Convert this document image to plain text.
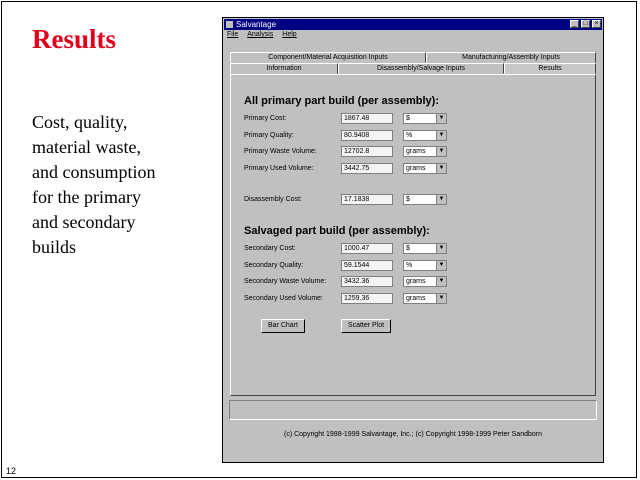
Results

Cost, quality,
material waste,
and consumption
for the primary
and secondary
builds

12
Salvantage	_ □ ×
File Analysis Help
Component/Material Acquisition Inputs	Manufacturing/Assembly Inputs
Information	Disassembly/Salvage Inputs	Results
All primary part build (per assembly):
Primary Cost:	1867.48	$	▼
Primary Quality:	80.9408	%	▼
Primary Waste Volume:	12702.8	grams	▼
Primary Used Volume:	3442.75	grams	▼
Disassembly Cost:	17.1838	$	▼
Salvaged part build (per assembly):
Secondary Cost:	1000.47	$	▼
Secondary Quality:	59.1544	%	▼
Secondary Waste Volume:	3432.36	grams	▼
Secondary Used Volume:	1259.36	grams	▼
Bar Chart	Scatter Plot
(c) Copyright 1998-1999 Salvantage, Inc.; (c) Copyright 1998-1999 Peter Sandborn
